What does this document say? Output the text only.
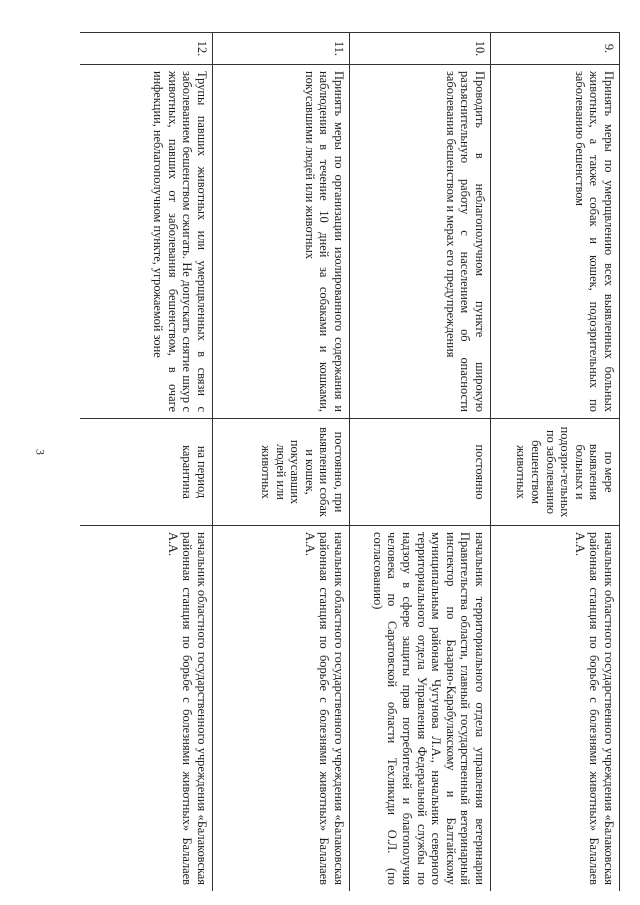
3
9.	Принять меры по умерщвлению всех выявленных больных животных, а также собак и кошек, подозрительных по заболеванию бешенством	по мере выявления больных и подозри-тельных по заболеванию бешенством животных	начальник областного государственного учреждения «Балаковская районная станция по борьбе с болезнями животных» Балалаев А.А.
10.	Проводить в неблагополучном пункте широкую разъяснительную работу с населением об опасности заболевания бешенством и мерах его предупреждения	постоянно	начальник территориального отдела управления ветеринарии Правительства области, главный государственный ветеринарный инспектор по Базарно-Карабулакскому и Балтайскому муниципальным районам Чугунова Л.А., начальник северного территориального отдела Управления Федеральной службы по надзору в сфере защиты прав потребителей и благополучия человека по Саратовской области Техликиди О.Л. (по согласованию)
11.	Принять меры по организации изолированного содержания и наблюдения в течение 10 дней за собаками и кошками, покусавшими людей или животных	постоянно, при выявлении собак и кошек, покусавших людей или животных	начальник областного государственного учреждения «Балаковская районная станция по борьбе с болезнями животных» Балалаев А.А.
12.	Трупы павших животных или умерщвленных в связи с заболеванием бешенством сжигать. Не допускать снятие шкур с животных, павших от заболевания бешенством, в очаге инфекции, неблагополучном пункте, угрожаемой зоне	на период карантина	начальник областного государственного учреждения «Балаковская районная станция по борьбе с болезнями животных» Балалаев А.А.
